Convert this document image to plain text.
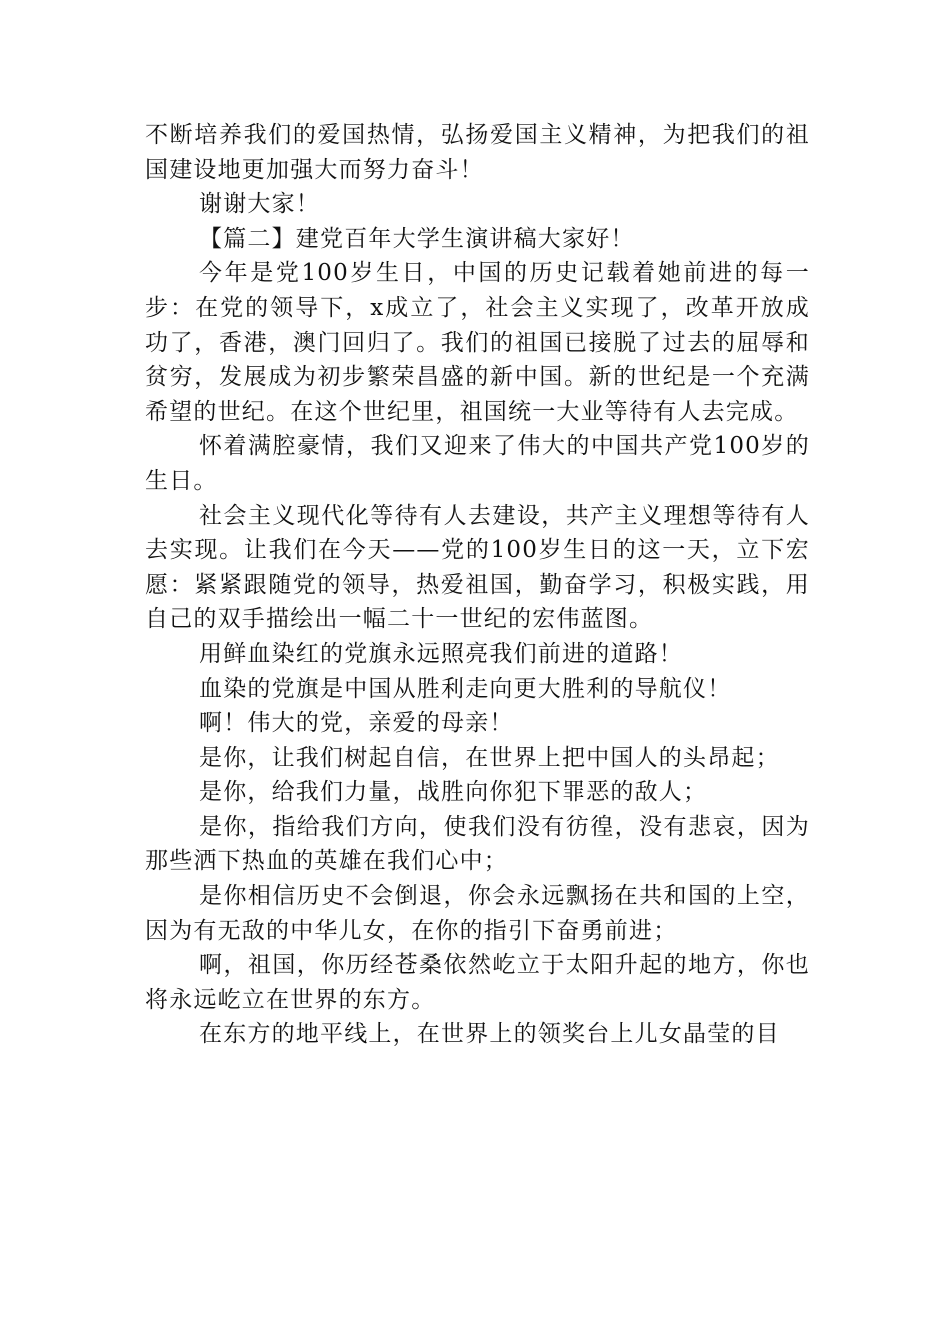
不断培养我们的爱国热情，弘扬爱国主义精神，为把我们的祖国建设地更加强大而努力奋斗！

谢谢大家！

【篇二】建党百年大学生演讲稿大家好！

今年是党100岁生日，中国的历史记载着她前进的每一步：在党的领导下，x成立了，社会主义实现了，改革开放成功了，香港，澳门回归了。我们的祖国已接脱了过去的屈辱和贫穷，发展成为初步繁荣昌盛的新中国。新的世纪是一个充满希望的世纪。在这个世纪里，祖国统一大业等待有人去完成。

怀着满腔豪情，我们又迎来了伟大的中国共产党100岁的生日。

社会主义现代化等待有人去建设，共产主义理想等待有人去实现。让我们在今天——党的100岁生日的这一天，立下宏愿：紧紧跟随党的领导，热爱祖国，勤奋学习，积极实践，用自己的双手描绘出一幅二十一世纪的宏伟蓝图。

用鲜血染红的党旗永远照亮我们前进的道路！

血染的党旗是中国从胜利走向更大胜利的导航仪！

啊！伟大的党，亲爱的母亲！

是你，让我们树起自信，在世界上把中国人的头昂起；

是你，给我们力量，战胜向你犯下罪恶的敌人；

是你，指给我们方向，使我们没有彷徨，没有悲哀，因为那些洒下热血的英雄在我们心中；

是你相信历史不会倒退，你会永远飘扬在共和国的上空，因为有无敌的中华儿女，在你的指引下奋勇前进；

啊，祖国，你历经苍桑依然屹立于太阳升起的地方，你也将永远屹立在世界的东方。

在东方的地平线上，在世界上的领奖台上儿女晶莹的目
